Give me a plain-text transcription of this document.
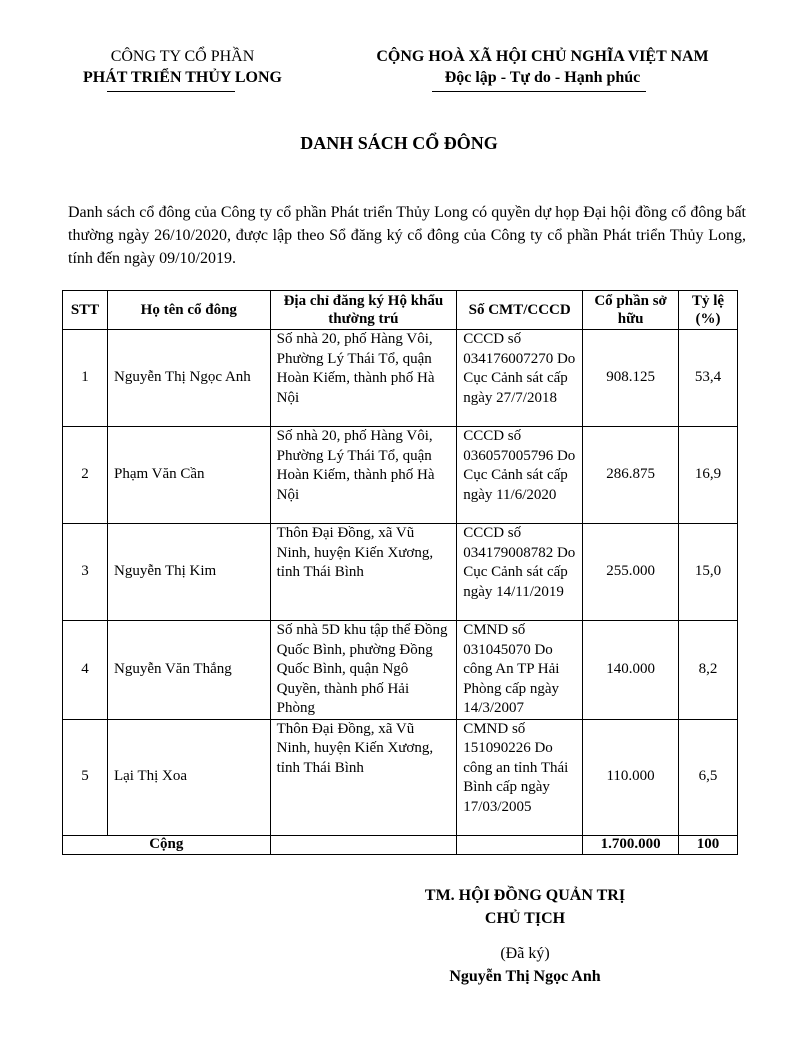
CÔNG TY CỔ PHẦN
PHÁT TRIỂN THỦY LONG
CỘNG HOÀ XÃ HỘI CHỦ NGHĨA VIỆT NAM
Độc lập - Tự do - Hạnh phúc
DANH SÁCH CỔ ĐÔNG
Danh sách cổ đông của Công ty cổ phần Phát triển Thủy Long có quyền dự họp Đại hội đồng cổ đông bất thường ngày 26/10/2020, được lập theo Sổ đăng ký cổ đông của Công ty cổ phần Phát triển Thủy Long, tính đến ngày 09/10/2019.
STT	Họ tên cổ đông	Địa chỉ đăng ký Hộ khẩu thường trú	Số CMT/CCCD	Cổ phần sở hữu	Tỷ lệ (%)
1	Nguyễn Thị Ngọc Anh	Số nhà 20, phố Hàng Vôi, Phường Lý Thái Tổ, quận Hoàn Kiếm, thành phố Hà Nội	CCCD số 034176007270 Do Cục Cảnh sát cấp ngày 27/7/2018	908.125	53,4
2	Phạm Văn Cần	Số nhà 20, phố Hàng Vôi, Phường Lý Thái Tổ, quận Hoàn Kiếm, thành phố Hà Nội	CCCD số 036057005796 Do Cục Cảnh sát cấp ngày 11/6/2020	286.875	16,9
3	Nguyễn Thị Kim	Thôn Đại Đồng, xã Vũ Ninh, huyện Kiến Xương, tỉnh Thái Bình	CCCD số 034179008782 Do Cục Cảnh sát cấp ngày 14/11/2019	255.000	15,0
4	Nguyễn Văn Thắng	Số nhà 5D khu tập thể Đồng Quốc Bình, phường Đồng Quốc Bình, quận Ngô Quyền, thành phố Hải Phòng	CMND số 031045070 Do công An TP Hải Phòng cấp ngày 14/3/2007	140.000	8,2
5	Lại Thị Xoa	Thôn Đại Đồng, xã Vũ Ninh, huyện Kiến Xương, tỉnh Thái Bình	CMND số 151090226 Do công an tỉnh Thái Bình cấp ngày 17/03/2005	110.000	6,5
Cộng				1.700.000	100
TM. HỘI ĐỒNG QUẢN TRỊ
CHỦ TỊCH
(Đã ký)
Nguyễn Thị Ngọc Anh
